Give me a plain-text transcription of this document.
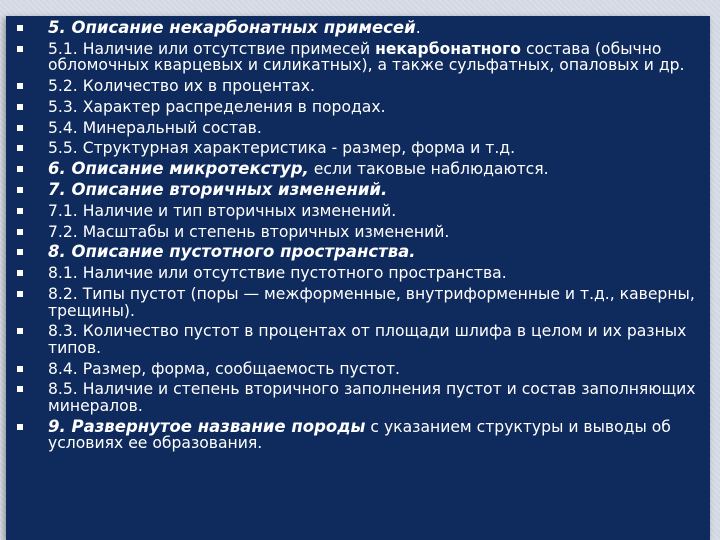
5. Описание некарбонатных примесей.
5.1. Наличие или отсутствие примесей некарбонатного состава (обычно обломочных кварцевых и силикатных), а также сульфатных, опаловых и др.
5.2. Количество их в процентах.
5.3. Характер распределения в породах.
5.4. Минеральный состав.
5.5. Структурная характеристика - размер, форма и т.д.
6. Описание микротекстур, если таковые наблюдаются.
7. Описание вторичных изменений.
7.1. Наличие и тип вторичных изменений.
7.2. Масштабы и степень вторичных изменений.
8. Описание пустотного пространства.
8.1. Наличие или отсутствие пустотного пространства.
8.2. Типы пустот (поры — межформенные, внутриформенные и т.д., каверны, трещины).
8.3. Количество пустот в процентах от площади шлифа в целом и их разных типов.
8.4. Размер, форма, сообщаемость пустот.
8.5. Наличие и степень вторичного заполнения пустот и состав заполняющих минералов.
9. Развернутое название породы с указанием структуры и выводы об условиях ее образования.
